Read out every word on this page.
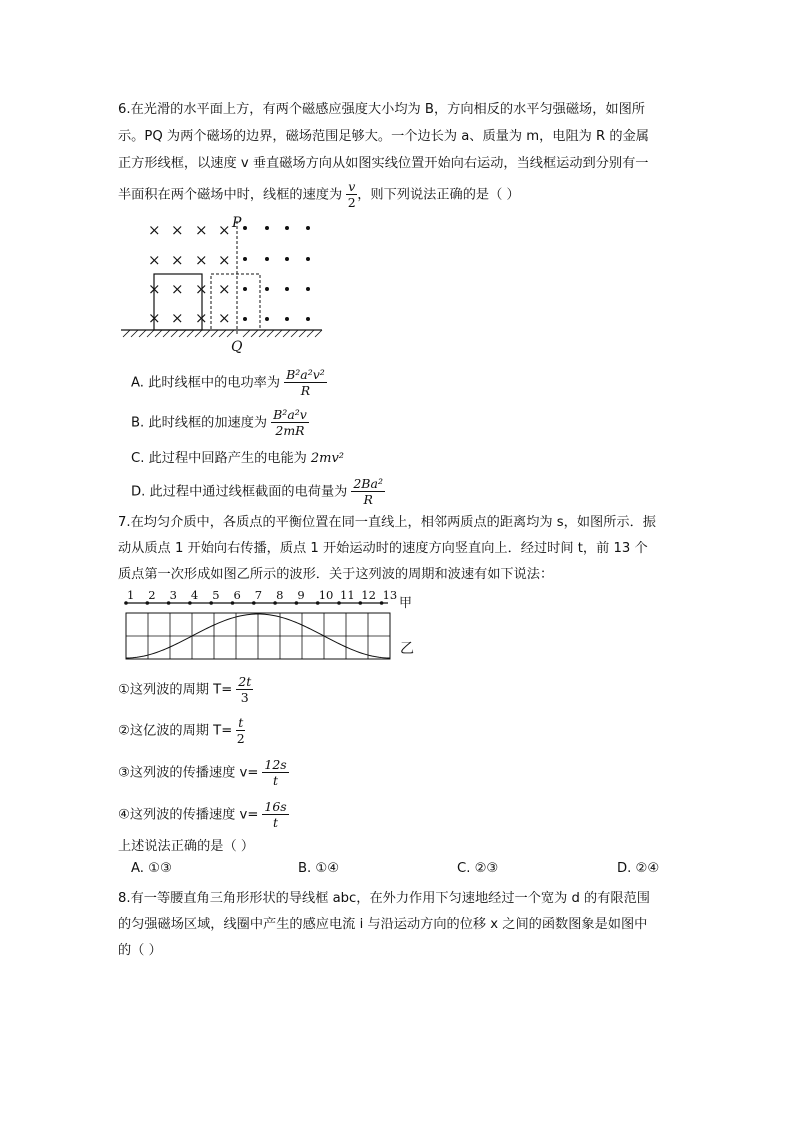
6.在光滑的水平面上方，有两个磁感应强度大小均为 B，方向相反的水平匀强磁场，如图所
示。PQ 为两个磁场的边界，磁场范围足够大。一个边长为 a、质量为 m，电阻为 R 的金属
正方形线框，以速度 v 垂直磁场方向从如图实线位置开始向右运动，当线框运动到分别有一
半面积在两个磁场中时，线框的速度为 $\frac{v}{2}$ ，则下列说法正确的是（ ）
× × × ×
× × × ×
× × × ×
× × × ×
P
Q
A. 此时线框中的电功率为 $\frac{\text{B²a²v²}}{R}$
B. 此时线框的加速度为 $\frac{\text{B²a²v}}{2mR}$
C. 此过程中回路产生的电能为 2mv²
D. 此过程中通过线框截面的电荷量为 $\frac{\text{2Ba²}}{R}$
7.在均匀介质中，各质点的平衡位置在同一直线上，相邻两质点的距离均为 s，如图所示．振
动从质点 1 开始向右传播，质点 1 开始运动时的速度方向竖直向上．经过时间 t，前 13 个
质点第一次形成如图乙所示的波形．关于这列波的周期和波速有如下说法：
1 2 3 4 5 6 7 8 9 10 11 12 13
甲
乙
①这列波的周期 $T= \frac{2t}{3}$
②这亿波的周期 $T= \frac{t}{2}$
③这列波的传播速度 $v= \frac{12s}{t}$
④这列波的传播速度 $v= \frac{16s}{t}$
上述说法正确的是（ ）
A. ①③	B. ①④	C. ②③	D. ②④
8.有一等腰直角三角形形状的导线框 abc，在外力作用下匀速地经过一个宽为 d 的有限范围
的匀强磁场区域，线圈中产生的感应电流 i 与沿运动方向的位移 x 之间的函数图象是如图中
的（ ）
